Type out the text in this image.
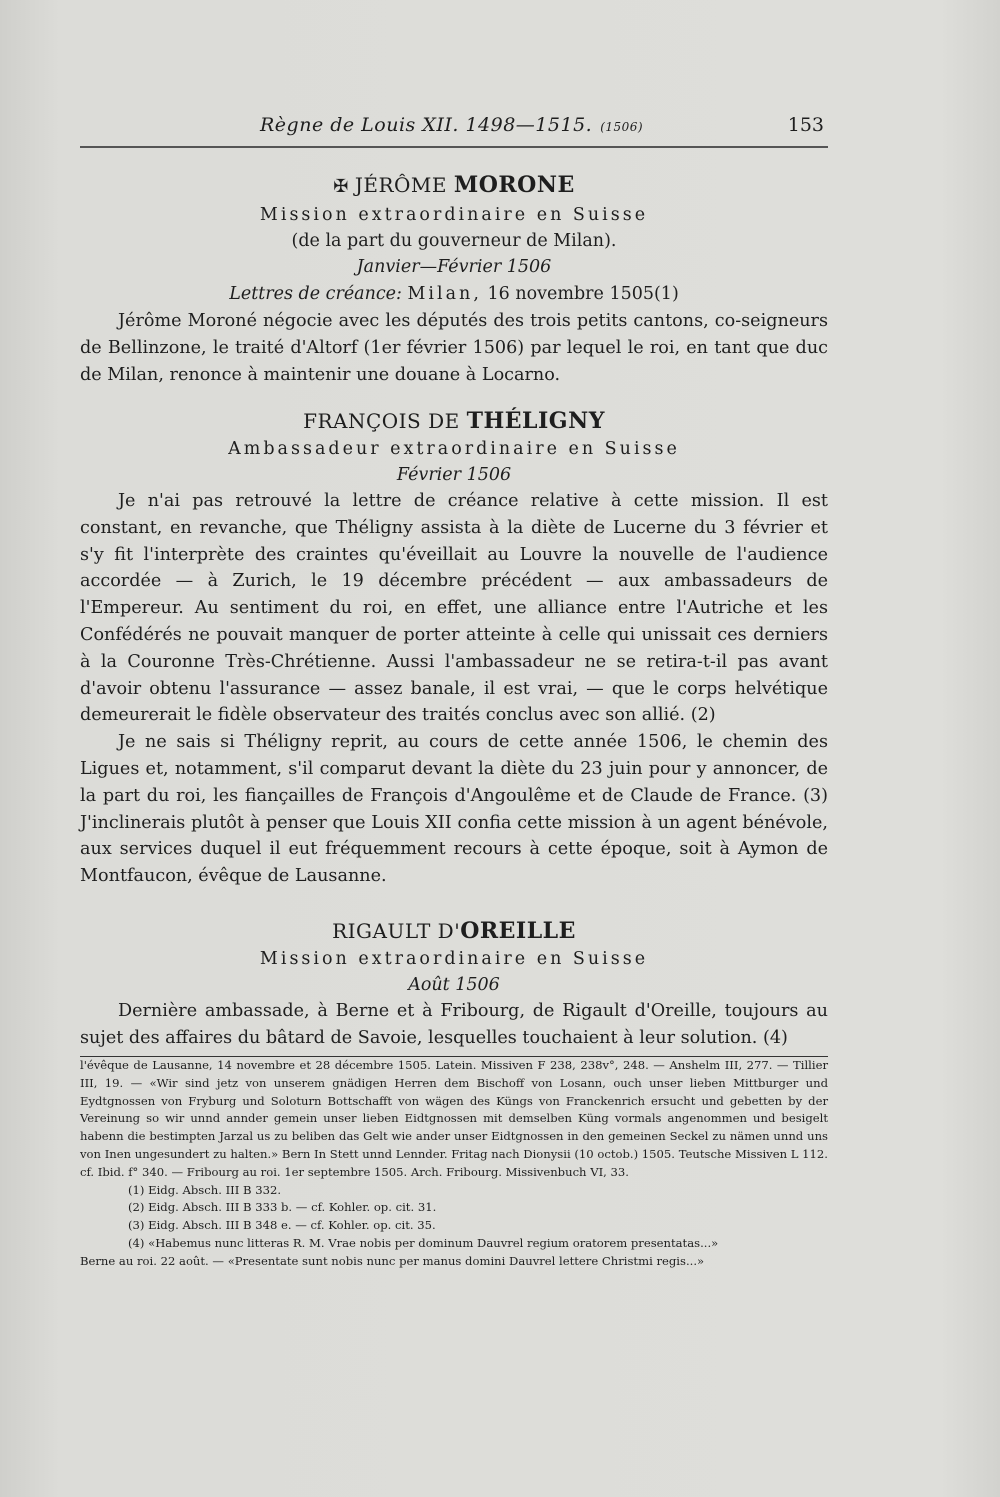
Règne de Louis XII. 1498—1515. (1506)	153

✠ JÉRÔME MORONE

Mission extraordinaire en Suisse

(de la part du gouverneur de Milan).

Janvier—Février 1506

Lettres de créance: Milan, 16 novembre 1505(1)

Jérôme Moroné négocie avec les députés des trois petits cantons, co-seigneurs de Bellinzone, le traité d'Altorf (1er février 1506) par lequel le roi, en tant que duc de Milan, renonce à maintenir une douane à Locarno.

FRANÇOIS DE THÉLIGNY

Ambassadeur extraordinaire en Suisse

Février 1506

Je n'ai pas retrouvé la lettre de créance relative à cette mission. Il est constant, en revanche, que Théligny assista à la diète de Lucerne du 3 février et s'y fit l'interprète des craintes qu'éveillait au Louvre la nouvelle de l'audience accordée — à Zurich, le 19 décembre précédent — aux ambassadeurs de l'Empereur. Au sentiment du roi, en effet, une alliance entre l'Autriche et les Confédérés ne pouvait manquer de porter atteinte à celle qui unissait ces derniers à la Couronne Très-Chrétienne. Aussi l'ambassadeur ne se retira-t-il pas avant d'avoir obtenu l'assurance — assez banale, il est vrai, — que le corps helvétique demeurerait le fidèle observateur des traités conclus avec son allié. (2)

Je ne sais si Théligny reprit, au cours de cette année 1506, le chemin des Ligues et, notamment, s'il comparut devant la diète du 23 juin pour y annoncer, de la part du roi, les fiançailles de François d'Angoulême et de Claude de France. (3) J'inclinerais plutôt à penser que Louis XII confia cette mission à un agent bénévole, aux services duquel il eut fréquemment recours à cette époque, soit à Aymon de Montfaucon, évêque de Lausanne.

RIGAULT D'OREILLE

Mission extraordinaire en Suisse

Août 1506

Dernière ambassade, à Berne et à Fribourg, de Rigault d'Oreille, toujours au sujet des affaires du bâtard de Savoie, lesquelles touchaient à leur solution. (4)

l'évêque de Lausanne, 14 novembre et 28 décembre 1505. Latein. Missiven F 238, 238v°, 248. — Anshelm III, 277. — Tillier III, 19. — «Wir sind jetz von unserem gnädigen Herren dem Bischoff von Losann, ouch unser lieben Mittburger und Eydtgnossen von Fryburg und Soloturn Bottschafft von wägen des Küngs von Franckenrich ersucht und gebetten by der Vereinung so wir unnd annder gemein unser lieben Eidtgnossen mit demselben Küng vormals angenommen und besigelt habenn die bestimpten Jarzal us zu beliben das Gelt wie ander unser Eidtgnossen in den gemeinen Seckel zu nämen unnd uns von Inen ungesundert zu halten.» Bern In Stett unnd Lennder. Fritag nach Dionysii (10 octob.) 1505. Teutsche Missiven L 112. cf. Ibid. f° 340. — Fribourg au roi. 1er septembre 1505. Arch. Fribourg. Missivenbuch VI, 33.

(1) Eidg. Absch. III B 332.

(2) Eidg. Absch. III B 333 b. — cf. Kohler. op. cit. 31.

(3) Eidg. Absch. III B 348 e. — cf. Kohler. op. cit. 35.

(4) «Habemus nunc litteras R. M. Vrae nobis per dominum Dauvrel regium oratorem presentatas...»

Berne au roi. 22 août. — «Presentate sunt nobis nunc per manus domini Dauvrel lettere Christmi regis...»
